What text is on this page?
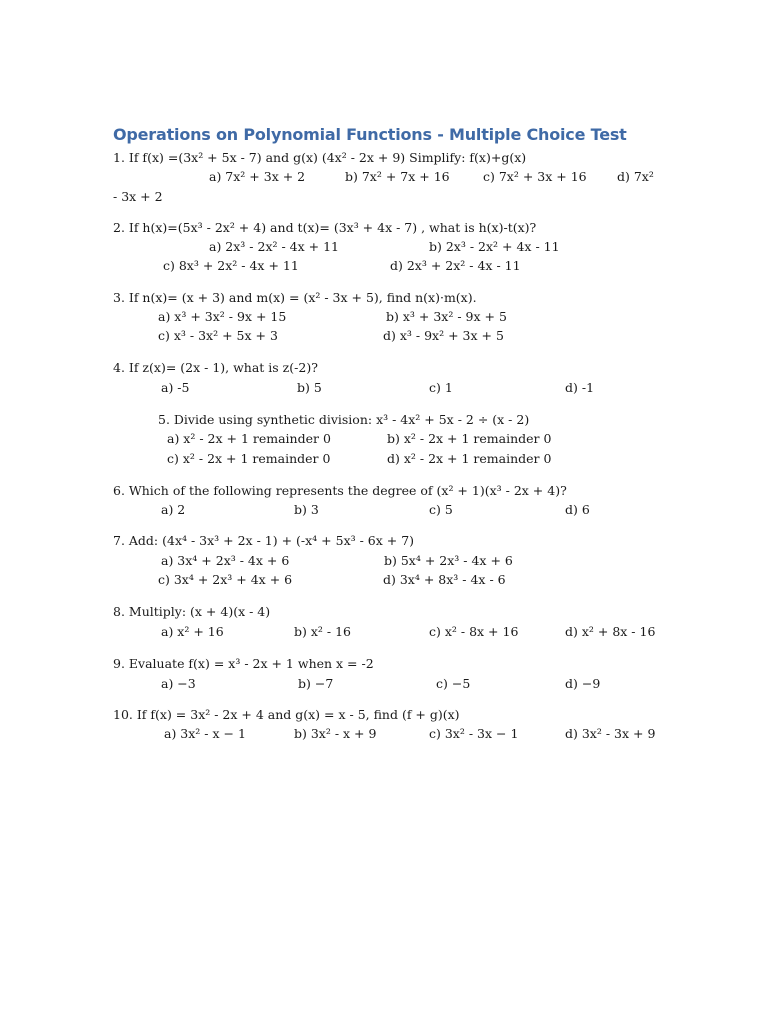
Operations on Polynomial Functions - Multiple Choice Test
1. If f(x) =(3x² + 5x - 7) and g(x) (4x² - 2x + 9) Simplify: f(x)+g(x)
a) 7x² + 3x + 2	b) 7x² + 7x + 16	c) 7x² + 3x + 16 d) 7x²
- 3x + 2
2. If h(x)=(5x³ - 2x² + 4) and t(x)= (3x³ + 4x - 7) , what is h(x)-t(x)?
a) 2x³ - 2x² - 4x + 11	b) 2x³ - 2x² + 4x - 11
c) 8x³ + 2x² - 4x + 11	d) 2x³ + 2x² - 4x - 11
3. If n(x)= (x + 3) and m(x) = (x² - 3x + 5), find n(x)·m(x).
a) x³ + 3x² - 9x + 15	b) x³ + 3x² - 9x + 5
c) x³ - 3x² + 5x + 3	d) x³ - 9x² + 3x + 5
4. If z(x)= (2x - 1), what is z(-2)?
a) -5	b) 5	c) 1	d) -1
5. Divide using synthetic division: x³ - 4x² + 5x - 2 ÷ (x - 2)
a) x² - 2x + 1 remainder 0	b) x² - 2x + 1 remainder 0
c) x² - 2x + 1 remainder 0	d) x² - 2x + 1 remainder 0
6. Which of the following represents the degree of (x² + 1)(x³ - 2x + 4)?
a) 2	b) 3	c) 5	d) 6
7. Add: (4x⁴ - 3x³ + 2x - 1) + (-x⁴ + 5x³ - 6x + 7)
a) 3x⁴ + 2x³ - 4x + 6	b) 5x⁴ + 2x³ - 4x + 6
c) 3x⁴ + 2x³ + 4x + 6	d) 3x⁴ + 8x³ - 4x - 6
8. Multiply: (x + 4)(x - 4)
a) x² + 16	b) x² - 16	c) x² - 8x + 16	d) x² + 8x - 16
9. Evaluate f(x) = x³ - 2x + 1 when x = -2
a) −3	b) −7	c) −5	d) −9
10. If f(x) = 3x² - 2x + 4 and g(x) = x - 5, find (f + g)(x)
a) 3x² - x − 1	b) 3x² - x + 9	c) 3x² - 3x − 1	d) 3x² - 3x + 9
